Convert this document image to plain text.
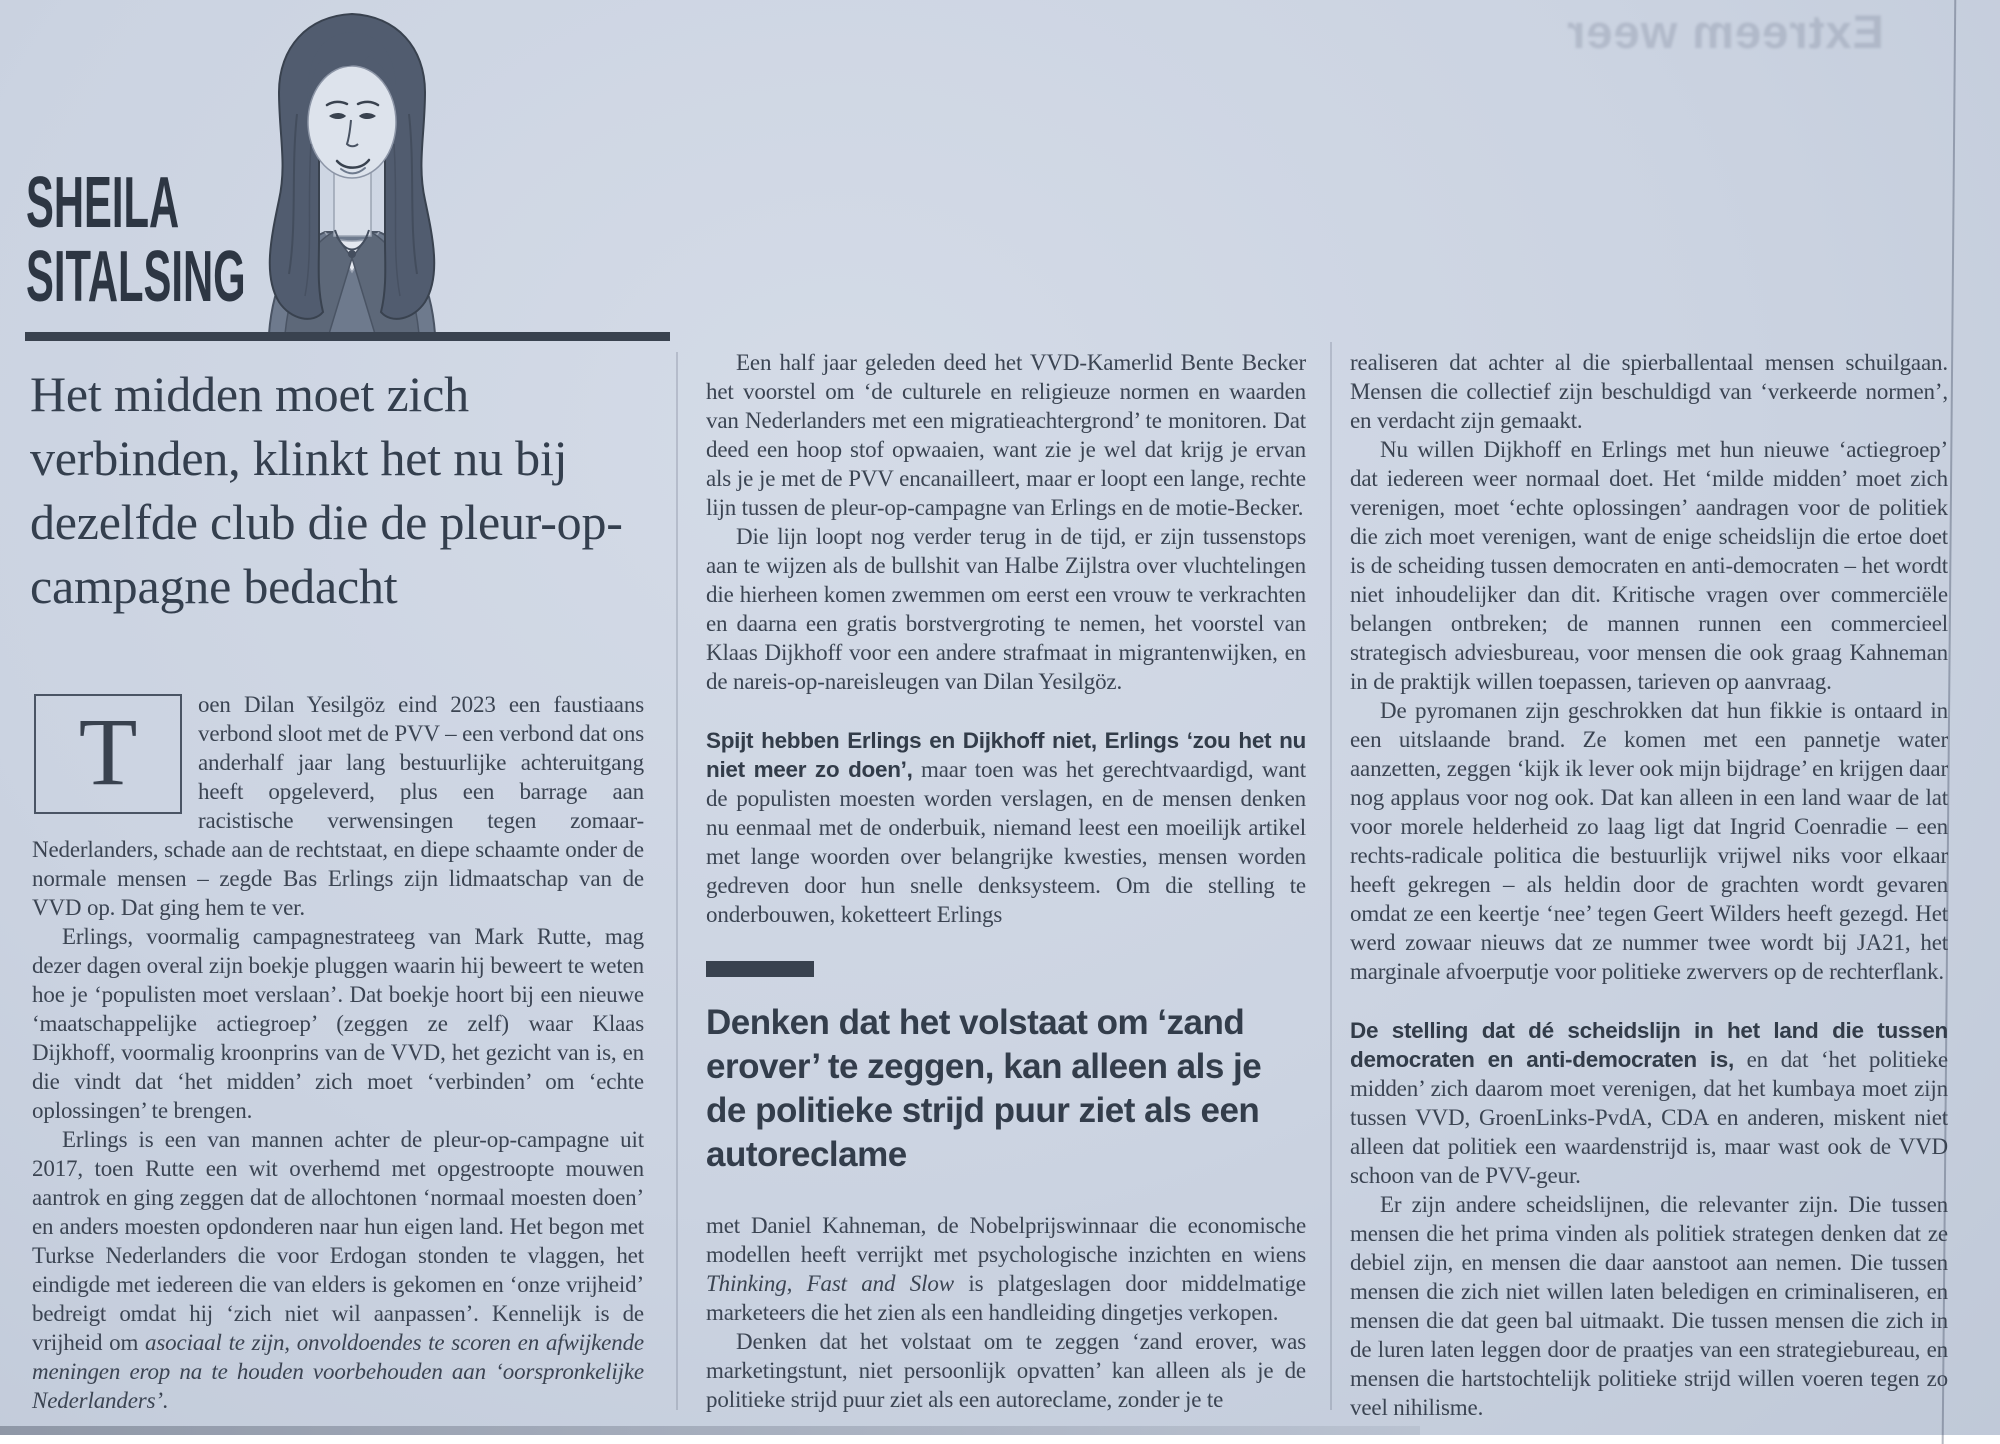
Extreem weer
SHEILA
SITALSING
Het midden moet zich verbinden, klinkt het nu bij dezelfde club die de pleur-op-campagne bedacht

T	oen Dilan Yesilgöz eind 2023 een faustiaans verbond sloot met de PVV – een verbond dat ons anderhalf jaar lang bestuurlijke achteruitgang heeft opgeleverd, plus een barrage aan racistische verwensingen tegen zomaar-Nederlanders, schade aan de rechtstaat, en diepe schaamte onder de normale mensen – zegde Bas Erlings zijn lidmaatschap van de VVD op. Dat ging hem te ver.

Erlings, voormalig campagnestrateeg van Mark Rutte, mag dezer dagen overal zijn boekje pluggen waarin hij beweert te weten hoe je ‘populisten moet verslaan’. Dat boekje hoort bij een nieuwe ‘maatschappelijke actiegroep’ (zeggen ze zelf) waar Klaas Dijkhoff, voormalig kroonprins van de VVD, het gezicht van is, en die vindt dat ‘het midden’ zich moet ‘verbinden’ om ‘echte oplossingen’ te brengen.

Erlings is een van mannen achter de pleur-op-campagne uit 2017, toen Rutte een wit overhemd met opgestroopte mouwen aantrok en ging zeggen dat de allochtonen ‘normaal moesten doen’ en anders moesten opdonderen naar hun eigen land. Het begon met Turkse Nederlanders die voor Erdogan stonden te vlaggen, het eindigde met iedereen die van elders is gekomen en ‘onze vrijheid’ bedreigt omdat hij ‘zich niet wil aanpassen’. Kennelijk is de vrijheid om asociaal te zijn, onvoldoendes te scoren en afwijkende meningen erop na te houden voorbehouden aan ‘oorspronkelijke Nederlanders’.

Een half jaar geleden deed het VVD-Kamerlid Bente Becker het voorstel om ‘de culturele en religieuze normen en waarden van Nederlanders met een migratieachtergrond’ te monitoren. Dat deed een hoop stof opwaaien, want zie je wel dat krijg je ervan als je je met de PVV encanailleert, maar er loopt een lange, rechte lijn tussen de pleur-op-campagne van Erlings en de motie-Becker.

Die lijn loopt nog verder terug in de tijd, er zijn tussenstops aan te wijzen als de bullshit van Halbe Zijlstra over vluchtelingen die hierheen komen zwemmen om eerst een vrouw te verkrachten en daarna een gratis borstvergroting te nemen, het voorstel van Klaas Dijkhoff voor een andere strafmaat in migrantenwijken, en de nareis-op-nareisleugen van Dilan Yesilgöz.

Spijt hebben Erlings en Dijkhoff niet, Erlings ‘zou het nu niet meer zo doen’, maar toen was het gerechtvaardigd, want de populisten moesten worden verslagen, en de mensen denken nu eenmaal met de onderbuik, niemand leest een moeilijk artikel met lange woorden over belangrijke kwesties, mensen worden gedreven door hun snelle denksysteem. Om die stelling te onderbouwen, koketteert Erlings

Denken dat het volstaat om ‘zand erover’ te zeggen, kan alleen als je de politieke strijd puur ziet als een autoreclame

met Daniel Kahneman, de Nobelprijswinnaar die economische modellen heeft verrijkt met psychologische inzichten en wiens Thinking, Fast and Slow is platgeslagen door middelmatige marketeers die het zien als een handleiding dingetjes verkopen.

Denken dat het volstaat om te zeggen ‘zand erover, was marketingstunt, niet persoonlijk opvatten’ kan alleen als je de politieke strijd puur ziet als een autoreclame, zonder je te

realiseren dat achter al die spierballentaal mensen schuilgaan. Mensen die collectief zijn beschuldigd van ‘verkeerde normen’, en verdacht zijn gemaakt.

Nu willen Dijkhoff en Erlings met hun nieuwe ‘actiegroep’ dat iedereen weer normaal doet. Het ‘milde midden’ moet zich verenigen, moet ‘echte oplossingen’ aandragen voor de politiek die zich moet verenigen, want de enige scheidslijn die ertoe doet is de scheiding tussen democraten en anti-democraten – het wordt niet inhoudelijker dan dit. Kritische vragen over commerciële belangen ontbreken; de mannen runnen een commercieel strategisch adviesbureau, voor mensen die ook graag Kahneman in de praktijk willen toepassen, tarieven op aanvraag.

De pyromanen zijn geschrokken dat hun fikkie is ontaard in een uitslaande brand. Ze komen met een pannetje water aanzetten, zeggen ‘kijk ik lever ook mijn bijdrage’ en krijgen daar nog applaus voor nog ook. Dat kan alleen in een land waar de lat voor morele helderheid zo laag ligt dat Ingrid Coenradie – een rechts-radicale politica die bestuurlijk vrijwel niks voor elkaar heeft gekregen – als heldin door de grachten wordt gevaren omdat ze een keertje ‘nee’ tegen Geert Wilders heeft gezegd. Het werd zowaar nieuws dat ze nummer twee wordt bij JA21, het marginale afvoerputje voor politieke zwervers op de rechterflank.

De stelling dat dé scheidslijn in het land die tussen democraten en anti-democraten is, en dat ‘het politieke midden’ zich daarom moet verenigen, dat het kumbaya moet zijn tussen VVD, GroenLinks-PvdA, CDA en anderen, miskent niet alleen dat politiek een waardenstrijd is, maar wast ook de VVD schoon van de PVV-geur.

Er zijn andere scheidslijnen, die relevanter zijn. Die tussen mensen die het prima vinden als politiek strategen denken dat ze debiel zijn, en mensen die daar aanstoot aan nemen. Die tussen mensen die zich niet willen laten beledigen en criminaliseren, en mensen die dat geen bal uitmaakt. Die tussen mensen die zich in de luren laten leggen door de praatjes van een strategiebureau, en mensen die hartstochtelijk politieke strijd willen voeren tegen zo veel nihilisme.
